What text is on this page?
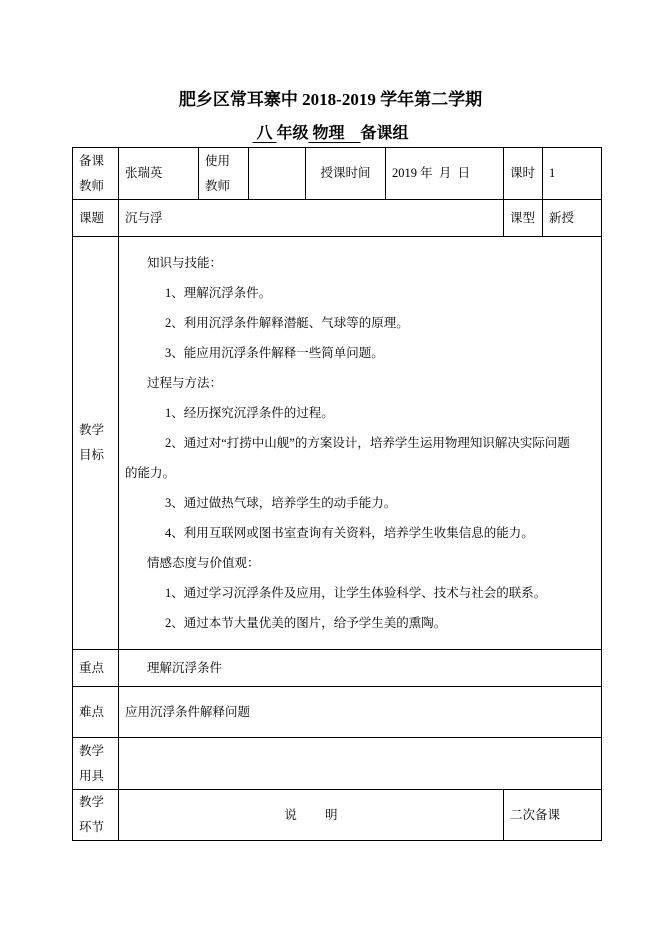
肥乡区常耳寨中 2018-2019 学年第二学期
八 年级 物理    备课组
备课教师	张瑞英	使用教师		授课时间	2019 年  月  日	课时	1
课题	沉与浮					课型	新授
教学目标	
知识与技能：
1、理解沉浮条件。
2、利用沉浮条件解释潜艇、气球等的原理。
3、能应用沉浮条件解释一些简单问题。
过程与方法：
1、经历探究沉浮条件的过程。
2、通过对“打捞中山舰”的方案设计，培养学生运用物理知识解决实际问题
的能力。
3、通过做热气球，培养学生的动手能力。
4、利用互联网或图书室查询有关资料，培养学生收集信息的能力。
情感态度与价值观：
1、通过学习沉浮条件及应用，让学生体验科学、技术与社会的联系。
2、通过本节大量优美的图片，给予学生美的熏陶。

重点	理解沉浮条件						

难点	应用沉浮条件解释问题						
教学用具							
教学环节	说         明					二次备课	
